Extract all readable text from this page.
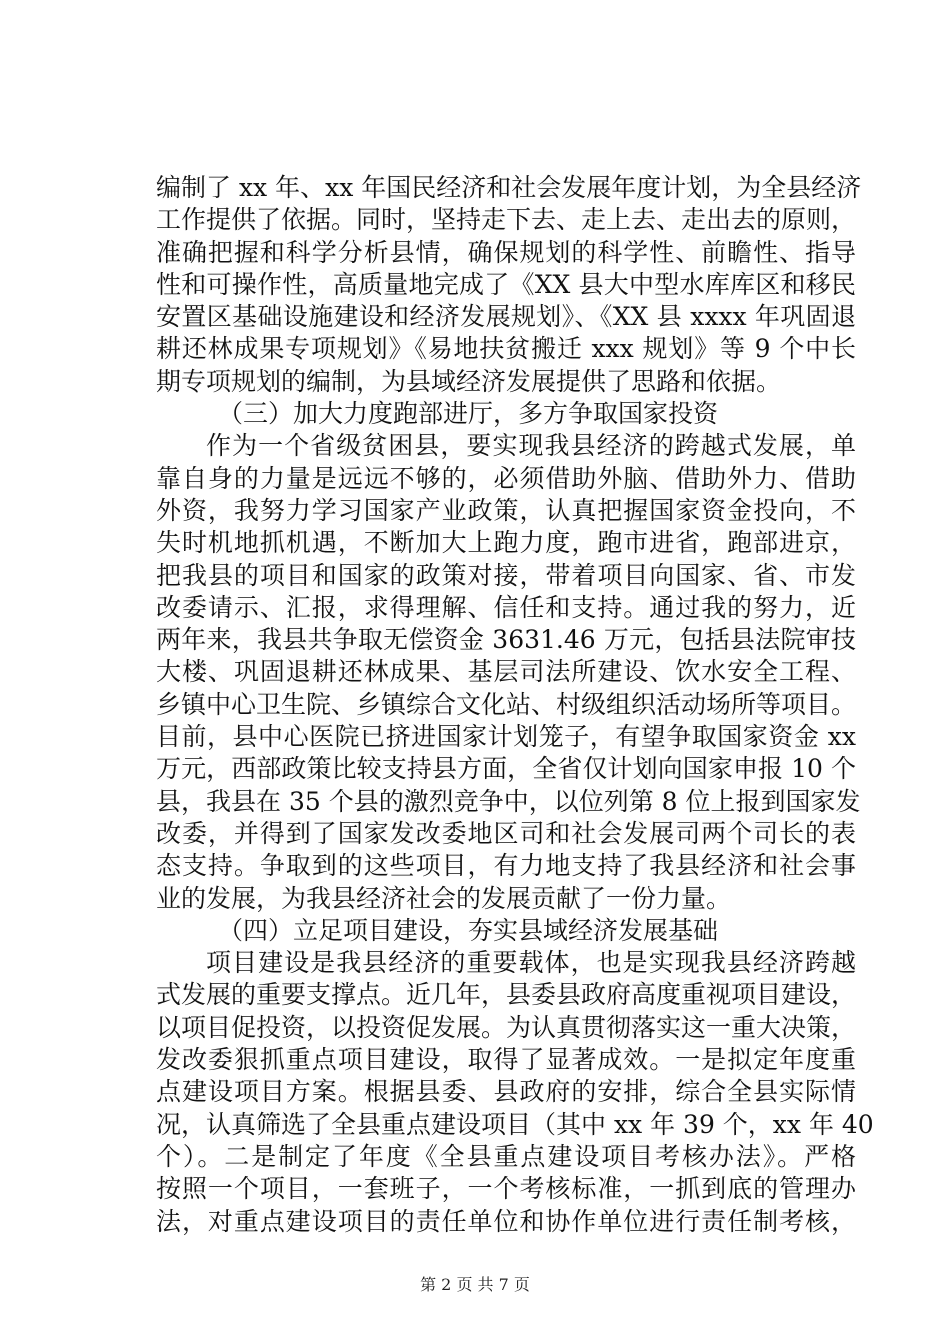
编制了 xx 年、xx 年国民经济和社会发展年度计划，为全县经济
工作提供了依据。同时，坚持走下去、走上去、走出去的原则，
准确把握和科学分析县情，确保规划的科学性、前瞻性、指导
性和可操作性，高质量地完成了《XX 县大中型水库库区和移民
安置区基础设施建设和经济发展规划》、《XX 县 xxxx 年巩固退
耕还林成果专项规划》《易地扶贫搬迁 xxx 规划》等 9 个中长
期专项规划的编制，为县域经济发展提供了思路和依据。
（三）加大力度跑部进厅，多方争取国家投资
作为一个省级贫困县，要实现我县经济的跨越式发展，单
靠自身的力量是远远不够的，必须借助外脑、借助外力、借助
外资，我努力学习国家产业政策，认真把握国家资金投向，不
失时机地抓机遇，不断加大上跑力度，跑市进省，跑部进京，
把我县的项目和国家的政策对接，带着项目向国家、省、市发
改委请示、汇报，求得理解、信任和支持。通过我的努力，近
两年来，我县共争取无偿资金 3631.46 万元，包括县法院审技
大楼、巩固退耕还林成果、基层司法所建设、饮水安全工程、
乡镇中心卫生院、乡镇综合文化站、村级组织活动场所等项目。
目前，县中心医院已挤进国家计划笼子，有望争取国家资金 xx
万元，西部政策比较支持县方面，全省仅计划向国家申报 10 个
县，我县在 35 个县的激烈竞争中，以位列第 8 位上报到国家发
改委，并得到了国家发改委地区司和社会发展司两个司长的表
态支持。争取到的这些项目，有力地支持了我县经济和社会事
业的发展，为我县经济社会的发展贡献了一份力量。
（四）立足项目建设，夯实县域经济发展基础
项目建设是我县经济的重要载体，也是实现我县经济跨越
式发展的重要支撑点。近几年，县委县政府高度重视项目建设，
以项目促投资，以投资促发展。为认真贯彻落实这一重大决策，
发改委狠抓重点项目建设，取得了显著成效。一是拟定年度重
点建设项目方案。根据县委、县政府的安排，综合全县实际情
况，认真筛选了全县重点建设项目（其中 xx 年 39 个，xx 年 40
个）。二是制定了年度《全县重点建设项目考核办法》。严格
按照一个项目，一套班子，一个考核标准，一抓到底的管理办
法，对重点建设项目的责任单位和协作单位进行责任制考核，
第 2 页 共 7 页
